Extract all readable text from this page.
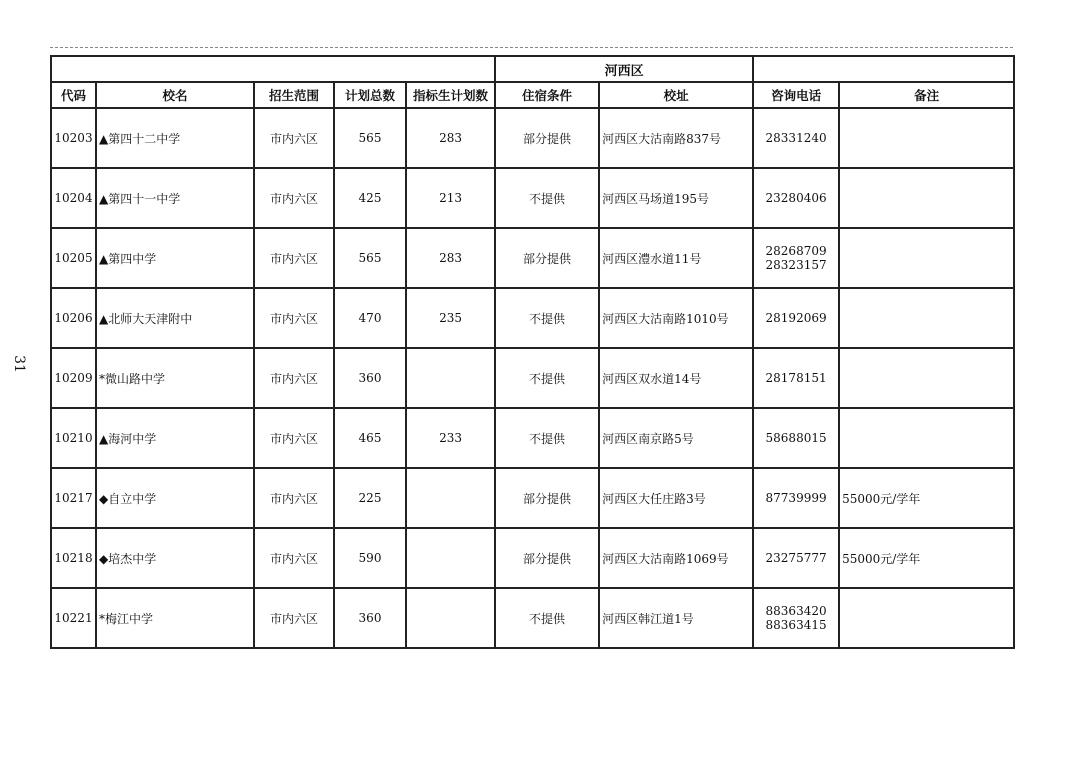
31
					河西区			
代码	校名	招生范围	计划总数	指标生计划数	住宿条件	校址	咨询电话	备注
10203	▲第四十二中学	市内六区	565	283	部分提供	河西区大沽南路837号	28331240	

10204	▲第四十一中学	市内六区	425	213	不提供	河西区马场道195号	23280406	

10205	▲第四中学	市内六区	565	283	部分提供	河西区澧水道11号	28268709
28323157	

10206	▲北师大天津附中	市内六区	470	235	不提供	河西区大沽南路1010号	28192069	

10209	*微山路中学	市内六区	360		不提供	河西区双水道14号	28178151	

10210	▲海河中学	市内六区	465	233	不提供	河西区南京路5号	58688015	

10217	◆自立中学	市内六区	225		部分提供	河西区大任庄路3号	87739999	55000元/学年
10218	◆培杰中学	市内六区	590		部分提供	河西区大沽南路1069号	23275777	55000元/学年
10221	*梅江中学	市内六区	360		不提供	河西区韩江道1号	88363420
88363415	
